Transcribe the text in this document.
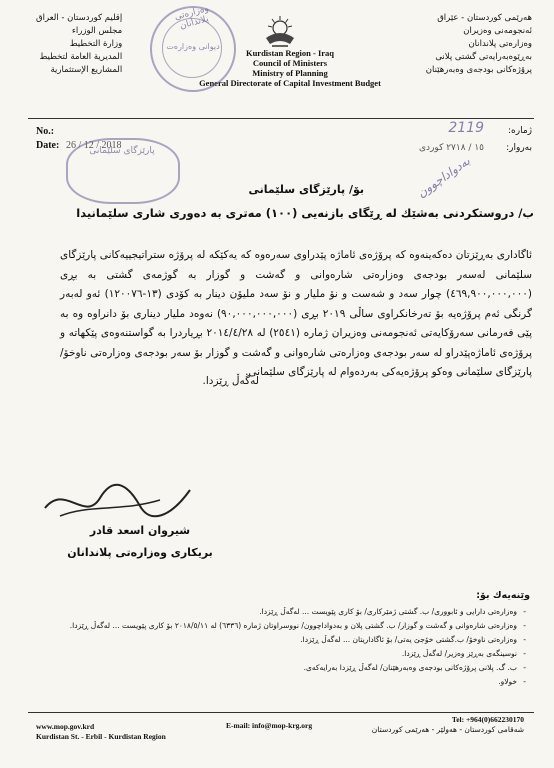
هەرێمی كوردستان - عێراق
ئەنجومەنی وەزیران
وەزارەتی پلاندانان
بەڕێوەبەرایەتی گشتی پلانی
پرۆژەكانی بودجەی وەبەرهێنان
إقليم كوردستان - العراق
مجلس الوزراء
وزارة التخطيط
المديرية العامة لتخطيط
المشاريع الإستثمارية
Kurdistan Region - Iraq
Council of Ministers
Ministry of Planning
General Directorate of Capital Investment Budget
وەزارەتی پلاندانان
دیوانی وەزارەت
No.:
Date: 26 / 12 / 2018
ژمارە:
2119
بەروار:
١٥ / ٢٧١٨ كوردی
بەدواداچوون
پارێزگای سلێمانی
بۆ/ پارێزگای سلێمانی
ب/ دروستكردنی بەشێك لە ڕێگای بازنەیی (١٠٠) مەتری بە دەوری شاری سلێمانیدا

ئاگاداری بەڕێزتان دەكەینەوە كە پرۆژەی ئاماژە پێدراوی سەرەوە كە یەكێكە لە پرۆژە ستراتیجییەكانی پارێزگای سلێمانی لەسەر بودجەی وەزارەتی شارەوانی و گەشت و گوزار بە گوژمەی گشتی بە بڕی (٤٦٩,٩٠٠,٠٠٠,٠٠٠) چوار سەد و شەست و نۆ ملیار و نۆ سەد ملیۆن دینار بە كۆدی (١٣-١٢٠٠٧٦) ئەو لەبەر گرنگی ئەم پرۆژەیە بۆ تەرخانكراوی ساڵی ٢٠١٩ بڕی (٩٠,٠٠٠,٠٠٠,٠٠٠) نەوەد ملیار دیناری بۆ دانراوە وە بە پێی فەرمانی سەرۆكایەتی ئەنجومەنی وەزیران ژمارە (٢٥٤١) لە ٢٠١٤/٤/٢٨ بڕیاردرا بە گواستنەوەی پێكهاتە و پرۆژەی ئاماژەپێدراو لە سەر بودجەی وەزارەتی شارەوانی و گەشت و گوزار بۆ سەر بودجەی وەزارەتی ناوخۆ/ پارێزگای سلێمانی وەكو پرۆژەیەكی بەردەوام لە پارێزگای سلێمانی.

لەگەڵ ڕێزدا.
شیروان اسعد قادر
بریكاری وەزارەتی پلاندانان
وێنەیەك بۆ:
- وەزارەتی دارایی و ئابووری/ ب. گشتی ژمێرکاری/ بۆ کاری پێویست ... لەگەڵ ڕێزدا.
- وەزارەتی شارەوانی و گەشت و گوزار/ ب. گشتی پلان و بەدواداچوون/ نووسراوتان ژمارە (٦٣٣٦) لە ٢٠١٨/٥/١١ بۆ کاری پێویست ... لەگەڵ ڕێزدا.
- وەزارەتی ناوخۆ/ ب.گشتی خۆجێ یەتی/ بۆ ئاگاداریتان ... لەگەڵ ڕێزدا.
- نوسینگەی بەڕێز وەزیر/ لەگەڵ ڕێزدا.
- ب. گ. پلانی پرۆژەکانی بودجەی وەبەرهێنان/ لەگەڵ ڕێزدا بەرایەکەی.
- خولاو.
www.mop.gov.krd
Kurdistan St. - Erbil - Kurdistan Region
E-mail: info@mop-krg.org
Tel: +964(0)662230170
شەقامی كوردستان - هەولێر - هەرێمی كوردستان
